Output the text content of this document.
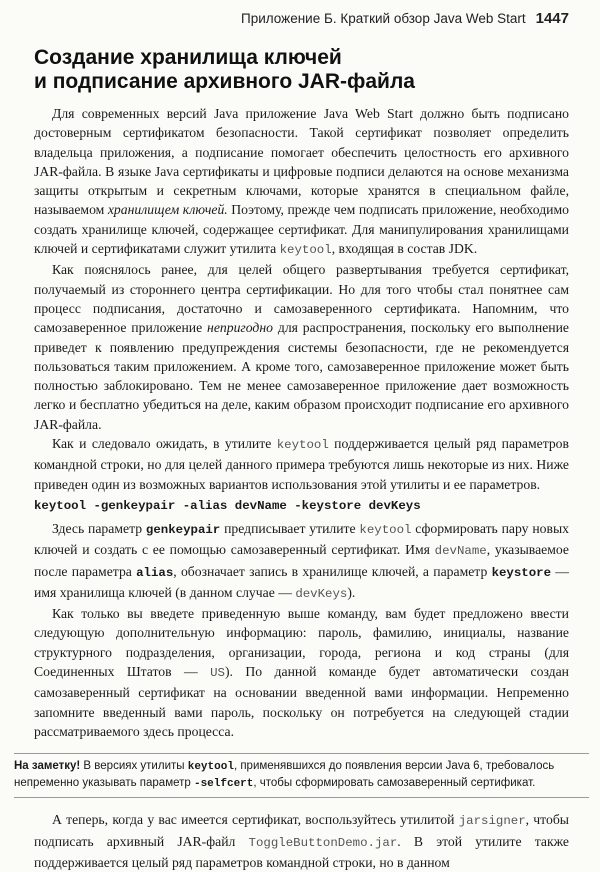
Приложение Б. Краткий обзор Java Web Start 1447
Создание хранилища ключей
и подписание архивного JAR-файла

Для современных версий Java приложение Java Web Start должно быть подписано достоверным сертификатом безопасности. Такой сертификат позволяет определить владельца приложения, а подписание помогает обеспечить целостность его архивного JAR-файла. В языке Java сертификаты и цифровые подписи делаются на основе механизма защиты открытым и секретным ключами, которые хранятся в специальном файле, называемом хранилищем ключей. Поэтому, прежде чем подписать приложение, необходимо создать хранилище ключей, содержащее сертификат. Для манипулирования хранилищами ключей и сертификатами служит утилита keytool, входящая в состав JDK.

Как пояснялось ранее, для целей общего развертывания требуется сертификат, получаемый из стороннего центра сертификации. Но для того чтобы стал понятнее сам процесс подписания, достаточно и самозаверенного сертификата. Напомним, что самозаверенное приложение непригодно для распространения, поскольку его выполнение приведет к появлению предупреждения системы безопасности, где не рекомендуется пользоваться таким приложением. А кроме того, самозаверенное приложение может быть полностью заблокировано. Тем не менее самозаверенное приложение дает возможность легко и бесплатно убедиться на деле, каким образом происходит подписание его архивного JAR-файла.

Как и следовало ожидать, в утилите keytool поддерживается целый ряд параметров командной строки, но для целей данного примера требуются лишь некоторые из них. Ниже приведен один из возможных вариантов использования этой утилиты и ее параметров.

keytool -genkeypair -alias devName -keystore devKeys

Здесь параметр genkeypair предписывает утилите keytool сформировать пару новых ключей и создать с ее помощью самозаверенный сертификат. Имя devName, указываемое после параметра alias, обозначает запись в хранилище ключей, а параметр keystore — имя хранилища ключей (в данном случае — devKeys).

Как только вы введете приведенную выше команду, вам будет предложено ввести следующую дополнительную информацию: пароль, фамилию, инициалы, название структурного подразделения, организации, города, региона и код страны (для Соединенных Штатов — US). По данной команде будет автоматически создан самозаверенный сертификат на основании введенной вами информации. Непременно запомните введенный вами пароль, поскольку он потребуется на следующей стадии рассматриваемого здесь процесса.

На заметку! В версиях утилиты keytool, применявшихся до появления версии Java 6, требовалось непременно указывать параметр -selfcert, чтобы сформировать самозаверенный сертификат.

А теперь, когда у вас имеется сертификат, воспользуйтесь утилитой jarsigner, чтобы подписать архивный JAR-файл ToggleButtonDemo.jar. В этой утилите также поддерживается целый ряд параметров командной строки, но в данном
